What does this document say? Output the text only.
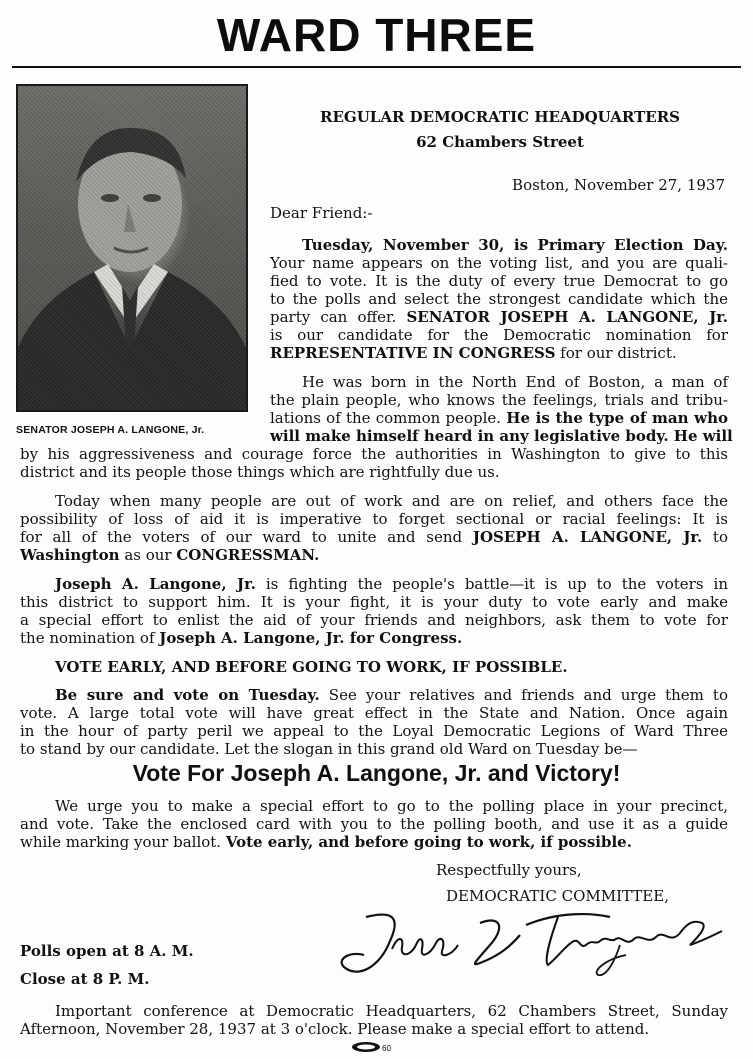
WARD THREE
SENATOR JOSEPH A. LANGONE, Jr.
REGULAR DEMOCRATIC HEADQUARTERS
62 Chambers Street
Boston, November 27, 1937
Dear Friend:-
Tuesday, November 30, is Primary Election Day.
Your name appears on the voting list, and you are quali-
fied to vote. It is the duty of every true Democrat to go
to the polls and select the strongest candidate which the
party can offer. SENATOR JOSEPH A. LANGONE, Jr.
is our candidate for the Democratic nomination for
REPRESENTATIVE IN CONGRESS for our district.
He was born in the North End of Boston, a man of
the plain people, who knows the feelings, trials and tribu-
lations of the common people. He is the type of man who
will make himself heard in any legislative body. He will
by his aggressiveness and courage force the authorities in Washington to give to this
district and its people those things which are rightfully due us.
Today when many people are out of work and are on relief, and others face the
possibility of loss of aid it is imperative to forget sectional or racial feelings: It is
for all of the voters of our ward to unite and send JOSEPH A. LANGONE, Jr. to
Washington as our CONGRESSMAN.
Joseph A. Langone, Jr. is fighting the people's battle—it is up to the voters in
this district to support him. It is your fight, it is your duty to vote early and make
a special effort to enlist the aid of your friends and neighbors, ask them to vote for
the nomination of Joseph A. Langone, Jr. for Congress.
VOTE EARLY, AND BEFORE GOING TO WORK, IF POSSIBLE.
Be sure and vote on Tuesday. See your relatives and friends and urge them to
vote. A large total vote will have great effect in the State and Nation. Once again
in the hour of party peril we appeal to the Loyal Democratic Legions of Ward Three
to stand by our candidate. Let the slogan in this grand old Ward on Tuesday be—
Vote For Joseph A. Langone, Jr. and Victory!
We urge you to make a special effort to go to the polling place in your precinct,
and vote. Take the enclosed card with you to the polling booth, and use it as a guide
while marking your ballot. Vote early, and before going to work, if possible.
Respectfully yours,
DEMOCRATIC COMMITTEE,
Polls open at 8 A. M.
Close at 8 P. M.
Important conference at Democratic Headquarters, 62 Chambers Street, Sunday
Afternoon, November 28, 1937 at 3 o'clock. Please make a special effort to attend.
60
